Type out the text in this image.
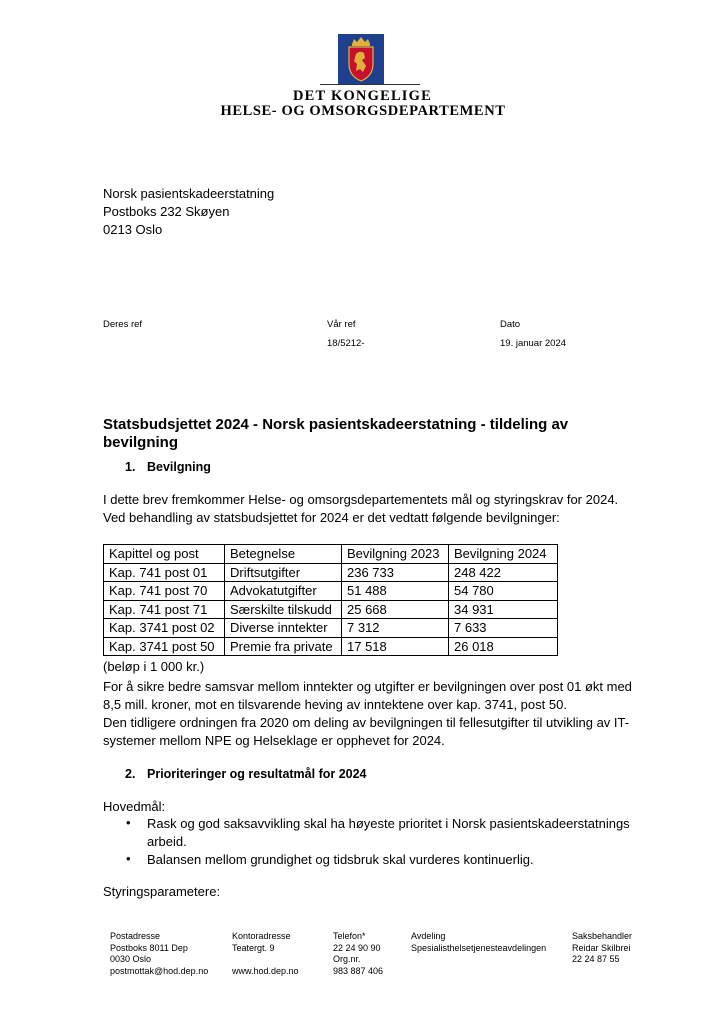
DET KONGELIGE
HELSE- OG OMSORGSDEPARTEMENT
Norsk pasientskadeerstatning
Postboks 232 Skøyen
0213 Oslo
Deres ref	Vår ref
18/5212-
Dato
19. januar 2024
Statsbudsjettet 2024 - Norsk pasientskadeerstatning - tildeling av bevilgning
1. Bevilgning
I dette brev fremkommer Helse- og omsorgsdepartementets mål og styringskrav for 2024.
Ved behandling av statsbudsjettet for 2024 er det vedtatt følgende bevilgninger:
Kapittel og post	Betegnelse	Bevilgning 2023	Bevilgning 2024
Kap. 741 post 01	Driftsutgifter	236 733	248 422
Kap. 741 post 70	Advokatutgifter	51 488	54 780
Kap. 741 post 71	Særskilte tilskudd	25 668	34 931
Kap. 3741 post 02	Diverse inntekter	7 312	7 633
Kap. 3741 post 50	Premie fra private	17 518	26 018
(beløp i 1 000 kr.)
For å sikre bedre samsvar mellom inntekter og utgifter er bevilgningen over post 01 økt med
8,5 mill. kroner, mot en tilsvarende heving av inntektene over kap. 3741, post 50.
Den tidligere ordningen fra 2020 om deling av bevilgningen til fellesutgifter til utvikling av IT-
systemer mellom NPE og Helseklage er opphevet for 2024.
2. Prioriteringer og resultatmål for 2024
Hovedmål:
• Rask og god saksavvikling skal ha høyeste prioritet i Norsk pasientskadeerstatnings arbeid.
• Balansen mellom grundighet og tidsbruk skal vurderes kontinuerlig.
Styringsparametere:
Postadresse
Postboks 8011 Dep
0030 Oslo
postmottak@hod.dep.no
Kontoradresse
Teatergt. 9

www.hod.dep.no
Telefon*
22 24 90 90
Org.nr.
983 887 406
Avdeling
Spesialisthelsetjenesteavdelingen
Saksbehandler
Reidar Skilbrei
22 24 87 55
